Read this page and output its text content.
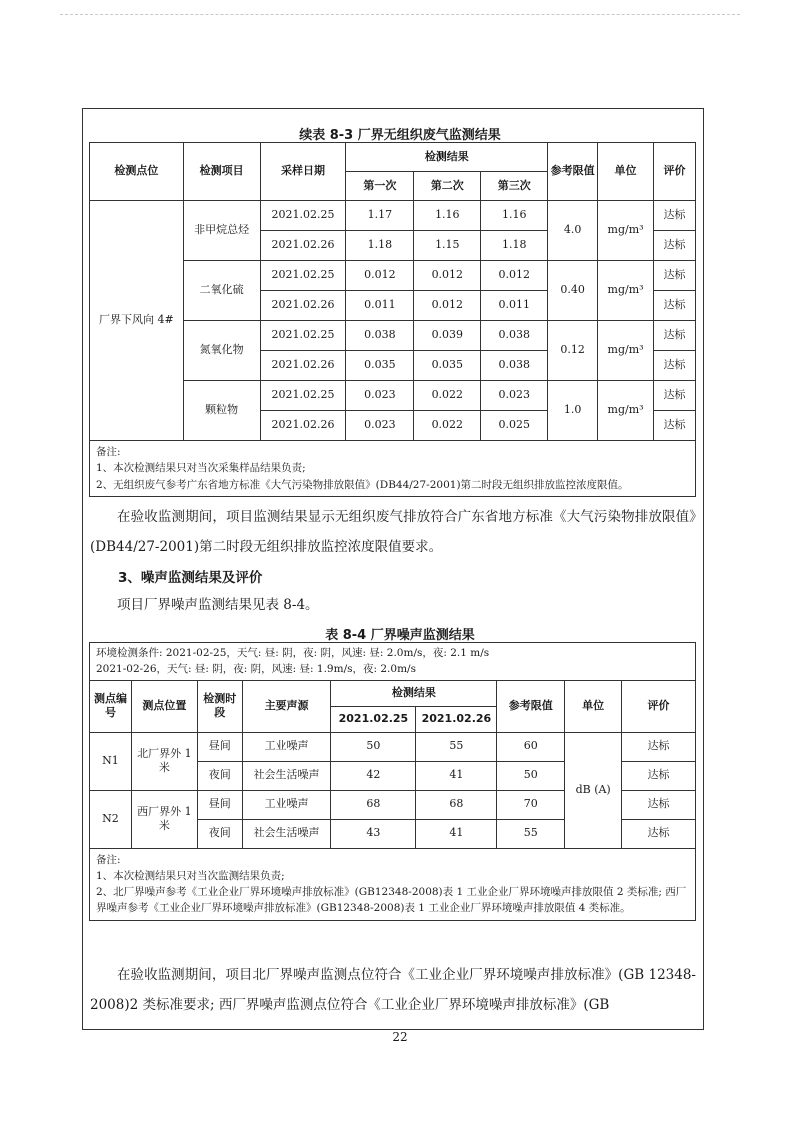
续表 8-3 厂界无组织废气监测结果
检测点位	检测项目	采样日期	检测结果			参考限值	单位	评价
			第一次	第二次	第三次			
厂界下风向 4#	非甲烷总烃	2021.02.25	1.17	1.16	1.16	4.0	mg/m³	达标
		2021.02.26	1.18	1.15	1.18			达标
	二氧化硫	2021.02.25	0.012	0.012	0.012	0.40	mg/m³	达标
		2021.02.26	0.011	0.012	0.011			达标
	氮氧化物	2021.02.25	0.038	0.039	0.038	0.12	mg/m³	达标
		2021.02.26	0.035	0.035	0.038			达标
	颗粒物	2021.02.25	0.023	0.022	0.023	1.0	mg/m³	达标
		2021.02.26	0.023	0.022	0.025			达标

备注:
1、本次检测结果只对当次采集样品结果负责;
2、无组织废气参考广东省地方标准《大气污染物排放限值》(DB44/27-2001)第二时段无组织排放监控浓度限值。								
在验收监测期间，项目监测结果显示无组织废气排放符合广东省地方标准《大气污染物排放限值》(DB44/27-2001)第二时段无组织排放监控浓度限值要求。
3、噪声监测结果及评价
项目厂界噪声监测结果见表 8-4。
表 8-4 厂界噪声监测结果
环境检测条件: 2021-02-25，天气: 昼: 阴，夜: 阴，风速: 昼: 2.0m/s，夜: 2.1 m/s
2021-02-26，天气: 昼: 阴，夜: 阴，风速: 昼: 1.9m/s，夜: 2.0m/s								

测点编号	测点位置	检测时段	主要声源	检测结果		参考限值	单位	评价
				2021.02.25	2021.02.26			
N1	北厂界外 1米	昼间	工业噪声	50	55	60	dB (A)	达标
		夜间	社会生活噪声	42	41	50		达标
N2	西厂界外 1米	昼间	工业噪声	68	68	70		达标
		夜间	社会生活噪声	43	41	55		达标

备注:
1、本次检测结果只对当次监测结果负责;
2、北厂界噪声参考《工业企业厂界环境噪声排放标准》(GB12348-2008)表 1 工业企业厂界环境噪声排放限值 2 类标准; 西厂界噪声参考《工业企业厂界环境噪声排放标准》(GB12348-2008)表 1 工业企业厂界环境噪声排放限值 4 类标准。								
在验收监测期间，项目北厂界噪声监测点位符合《工业企业厂界环境噪声排放标准》(GB 12348-2008)2 类标准要求; 西厂界噪声监测点位符合《工业企业厂界环境噪声排放标准》(GB
22
